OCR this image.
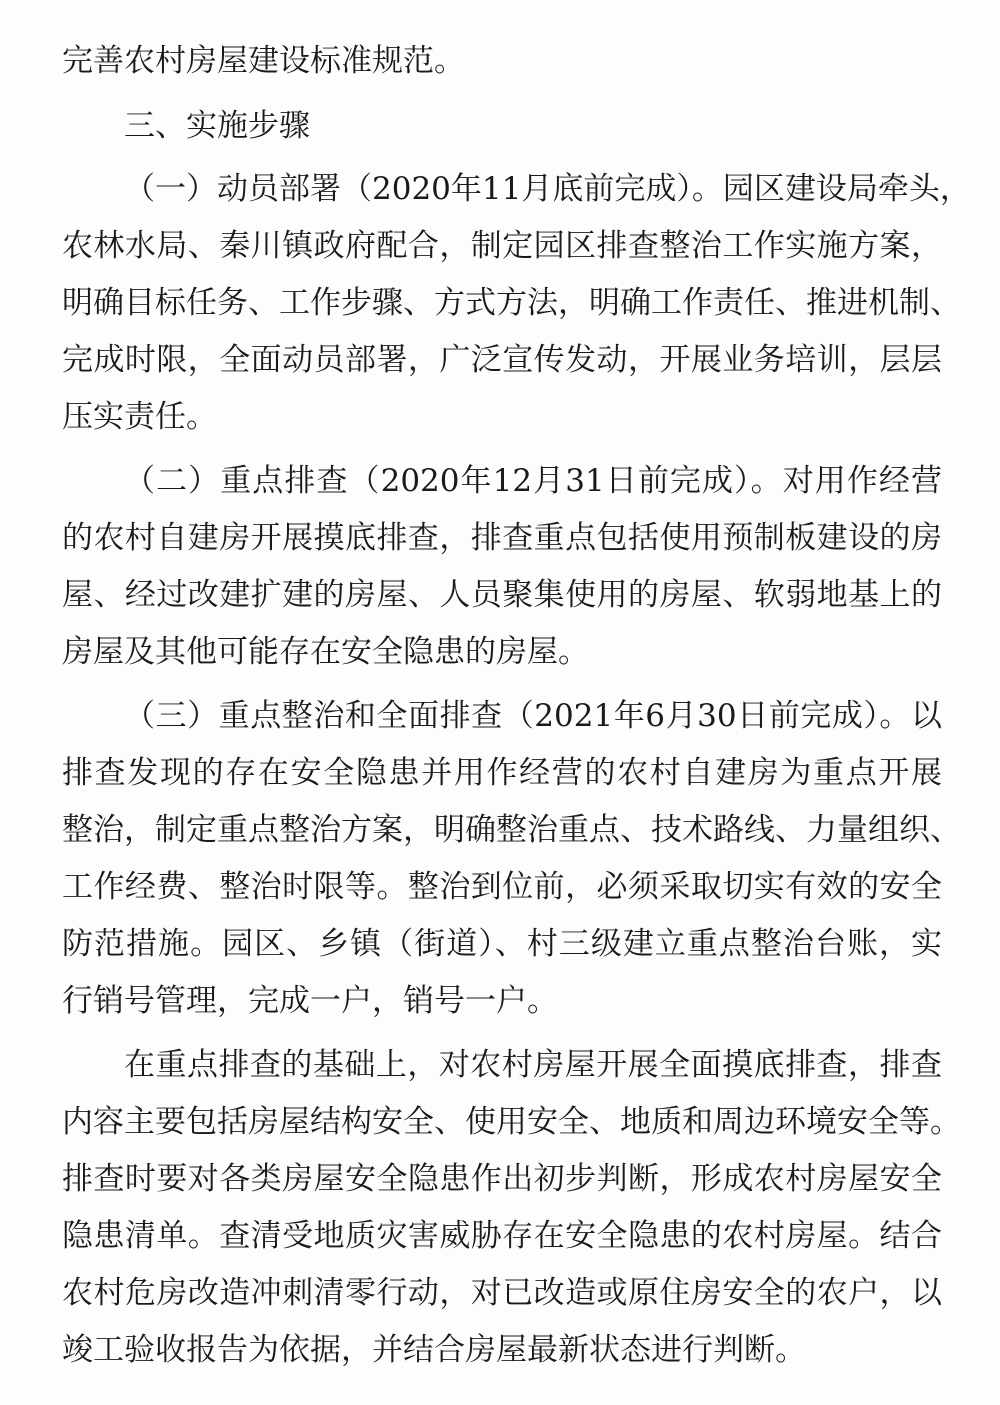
完善农村房屋建设标准规范。
三、实施步骤
（一）动员部署（2020年11月底前完成）。园区建设局牵头，
农林水局、秦川镇政府配合，制定园区排查整治工作实施方案，
明确目标任务、工作步骤、方式方法，明确工作责任、推进机制、
完成时限，全面动员部署，广泛宣传发动，开展业务培训，层层
压实责任。
（二）重点排查（2020年12月31日前完成）。对用作经营
的农村自建房开展摸底排查，排查重点包括使用预制板建设的房
屋、经过改建扩建的房屋、人员聚集使用的房屋、软弱地基上的
房屋及其他可能存在安全隐患的房屋。
（三）重点整治和全面排查（2021年6月30日前完成）。以
排查发现的存在安全隐患并用作经营的农村自建房为重点开展
整治，制定重点整治方案，明确整治重点、技术路线、力量组织、
工作经费、整治时限等。整治到位前，必须采取切实有效的安全
防范措施。园区、乡镇（街道）、村三级建立重点整治台账，实
行销号管理，完成一户，销号一户。
在重点排查的基础上，对农村房屋开展全面摸底排查，排查
内容主要包括房屋结构安全、使用安全、地质和周边环境安全等。
排查时要对各类房屋安全隐患作出初步判断，形成农村房屋安全
隐患清单。查清受地质灾害威胁存在安全隐患的农村房屋。结合
农村危房改造冲刺清零行动，对已改造或原住房安全的农户，以
竣工验收报告为依据，并结合房屋最新状态进行判断。
